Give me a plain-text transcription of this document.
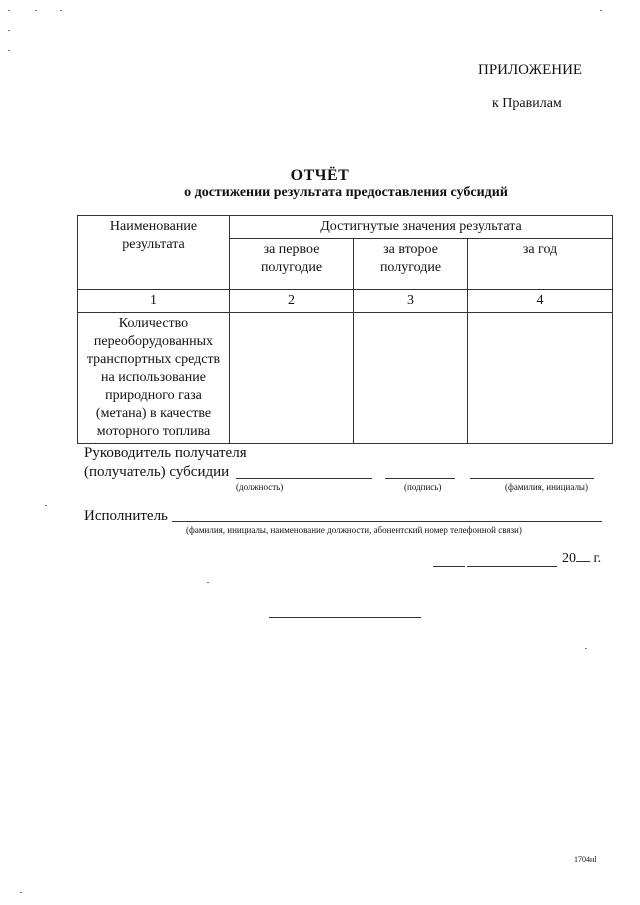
ПРИЛОЖЕНИЕ
к Правилам
ОТЧЁТ
о достижении результата предоставления субсидий
Наименование результата	Достигнутые значения результата		
	за первое полугодие	за второе полугодие	за год
1	2	3	4
Количество переоборудованных транспортных средств на использование природного газа (метана) в качестве моторного топлива			
Руководитель получателя
(получатель) субсидии
(должность)	(подпись)	(фамилия, инициалы)
Исполнитель
(фамилия, инициалы, наименование должности, абонентский номер телефонной связи)
20 г.
1704нl
